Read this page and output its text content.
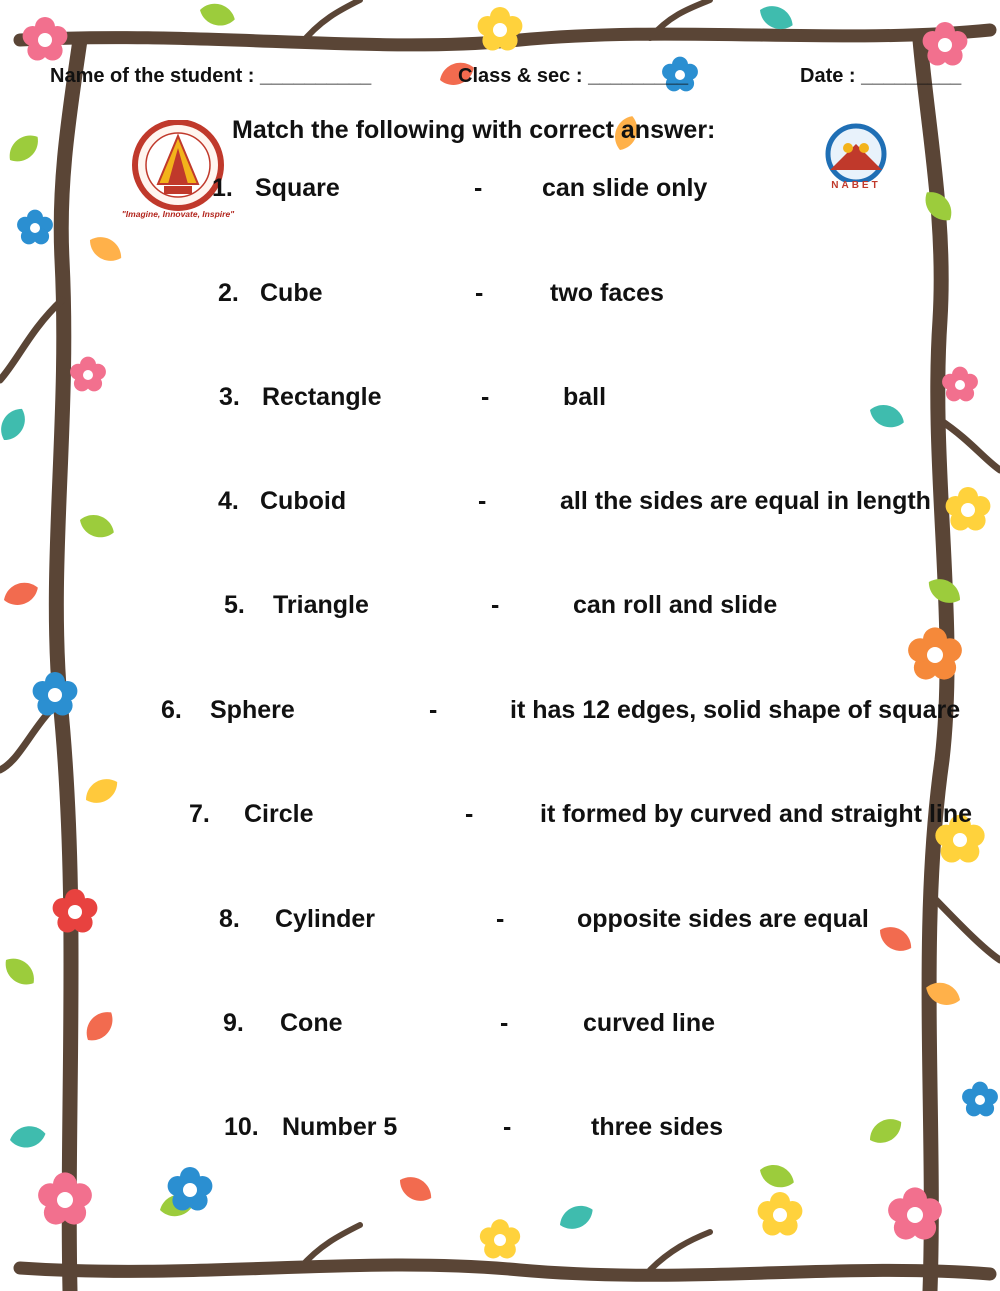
Name of the student : __________	Class & sec : _________	Date : _________
"Imagine, Innovate, Inspire"
NABET
Match the following with correct answer:
1. Square	- can slide only
2. Cube	-	two faces
3. Rectangle	-	ball
4. Cuboid	-	all the sides are equal in length
5. Triangle	-	can roll and slide
6. Sphere	-	it has 12 edges, solid shape of square
7. Circle	-	it formed by curved and straight line
8. Cylinder	-	opposite sides are equal
9. Cone	-	curved line
10. Number 5	-	three sides
